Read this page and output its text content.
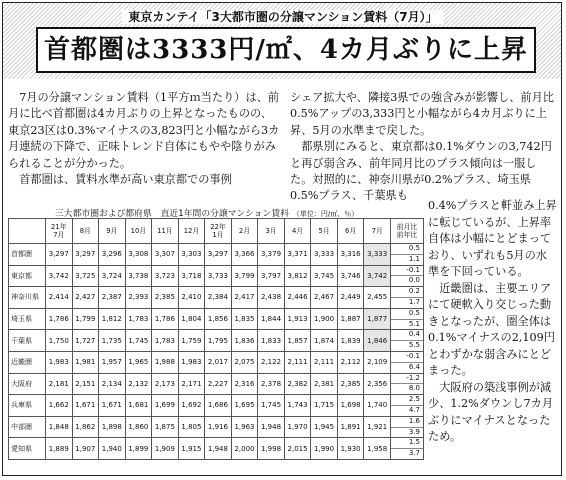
東京カンテイ「3大都市圏の分譲マンション賃料（7月）」
首都圏は3333円/㎡、4カ月ぶりに上昇

7月の分譲マンション賃料（1平方ｍ当たり）は、前月に比べ首都圏は4カ月ぶりの上昇となったものの、東京23区は0.3%マイナスの3,823円と小幅ながら3カ月連続の下降で、正味トレンド自体にもやや陰りがみられることが分かった。

首都圏は、賃料水準が高い東京都での事例

シェア拡大や、隣接3県での強含みが影響し、前月比0.5%アップの3,333円と小幅ながら4カ月ぶりに上昇、5月の水準まで戻した。

都県別にみると、東京都は0.1%ダウンの3,742円と再び弱含み、前年同月比のプラス傾向は一服した。対照的に、神奈川県が0.2%プラス、埼玉県0.5%プラス、千葉県も

0.4%プラスと軒並み上昇に転じているが、上昇率自体は小幅にとどまっており、いずれも5月の水準を下回っている。

近畿圏は、主要エリアにて硬軟入り交じった動きとなったが、圏全体は0.1%マイナスの2,109円とわずかな弱含みにとどまった。

大阪府の築浅事例が減少、1.2%ダウンし7カ月ぶりにマイナスとなったため。

三大都市圏および都府県　直近1年間の分譲マンション賃料 （単位：円/㎡、％）
	21年
7月	8月	9月	10月	11月	12月	22年
1月	2月	3月	4月	5月	6月	7月	前月比
前年比
首都圏	3,297	3,297	3,296	3,308	3,307	3,303	3,297	3,366	3,379	3,371	3,333	3,316	3,333	0.5
1.1

東京都	3,742	3,725	3,724	3,738	3,723	3,718	3,733	3,799	3,797	3,812	3,745	3,746	3,742	-0.1
0.0

神奈川県	2,414	2,427	2,387	2,393	2,385	2,410	2,384	2,417	2,438	2,446	2,467	2,449	2,455	0.2
1.7

埼玉県	1,786	1,799	1,812	1,783	1,786	1,804	1,856	1,835	1,844	1,913	1,900	1,887	1,877	0.5
5.1

千葉県	1,750	1,727	1,735	1,745	1,783	1,759	1,795	1,836	1,833	1,857	1,874	1,839	1,846	0.4
5.5

近畿圏	1,983	1,981	1,957	1,965	1,988	1,983	2,017	2,075	2,122	2,111	2,111	2,112	2,109	-0.1
6.4

大阪府	2,181	2,151	2,134	2,132	2,173	2,171	2,227	2,316	2,378	2,382	2,381	2,385	2,356	-1.2
8.0

兵庫県	1,662	1,671	1,671	1,681	1,699	1,692	1,686	1,695	1,745	1,743	1,715	1,698	1,740	2.5
4.7

中部圏	1,848	1,862	1,898	1,860	1,875	1,805	1,916	1,963	1,948	1,970	1,945	1,891	1,921	1.6
3.9

愛知県	1,889	1,907	1,940	1,899	1,909	1,915	1,948	2,000	1,998	2,015	1,990	1,930	1,958	1.5
3.7
